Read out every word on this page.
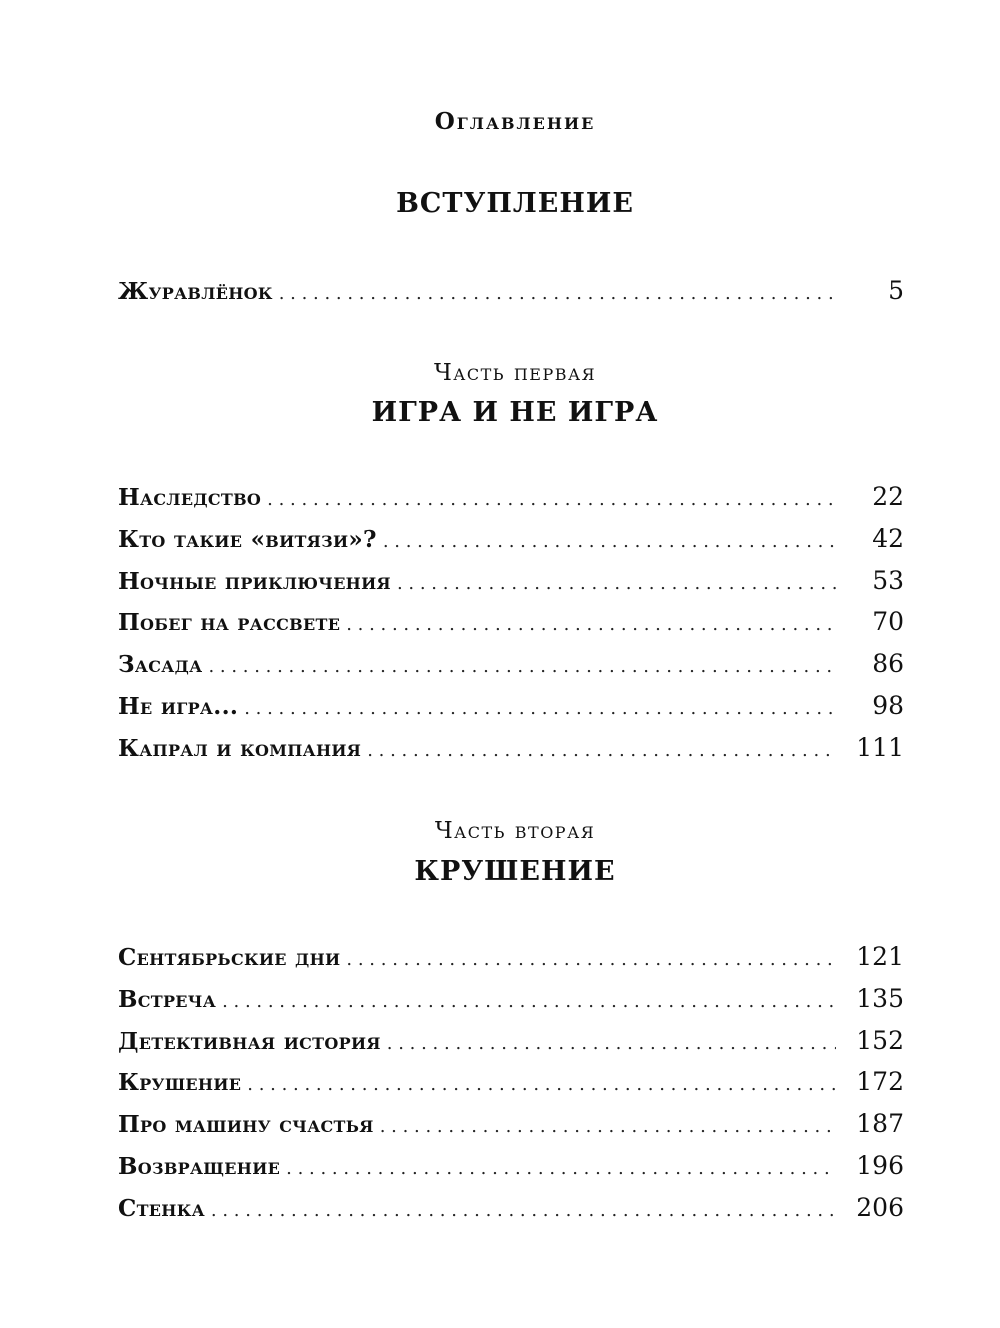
Оглавление
ВСТУПЛЕНИЕ
Журавлёнок . . .	5
Часть первая
ИГРА И НЕ ИГРА
Наследство . . .	22
Кто такие «витязи»? . . .	42
Ночные приключения . . .	53
Побег на рассвете . . .	70
Засада . . .	86
Не игра... . . .	98
Капрал и компания . . .	111
Часть вторая
КРУШЕНИЕ
Сентябрьские дни . . .	121
Встреча . . .	135
Детективная история . . .	152
Крушение . . .	172
Про машину счастья . . .	187
Возвращение . . .	196
Стенка . . .	206
